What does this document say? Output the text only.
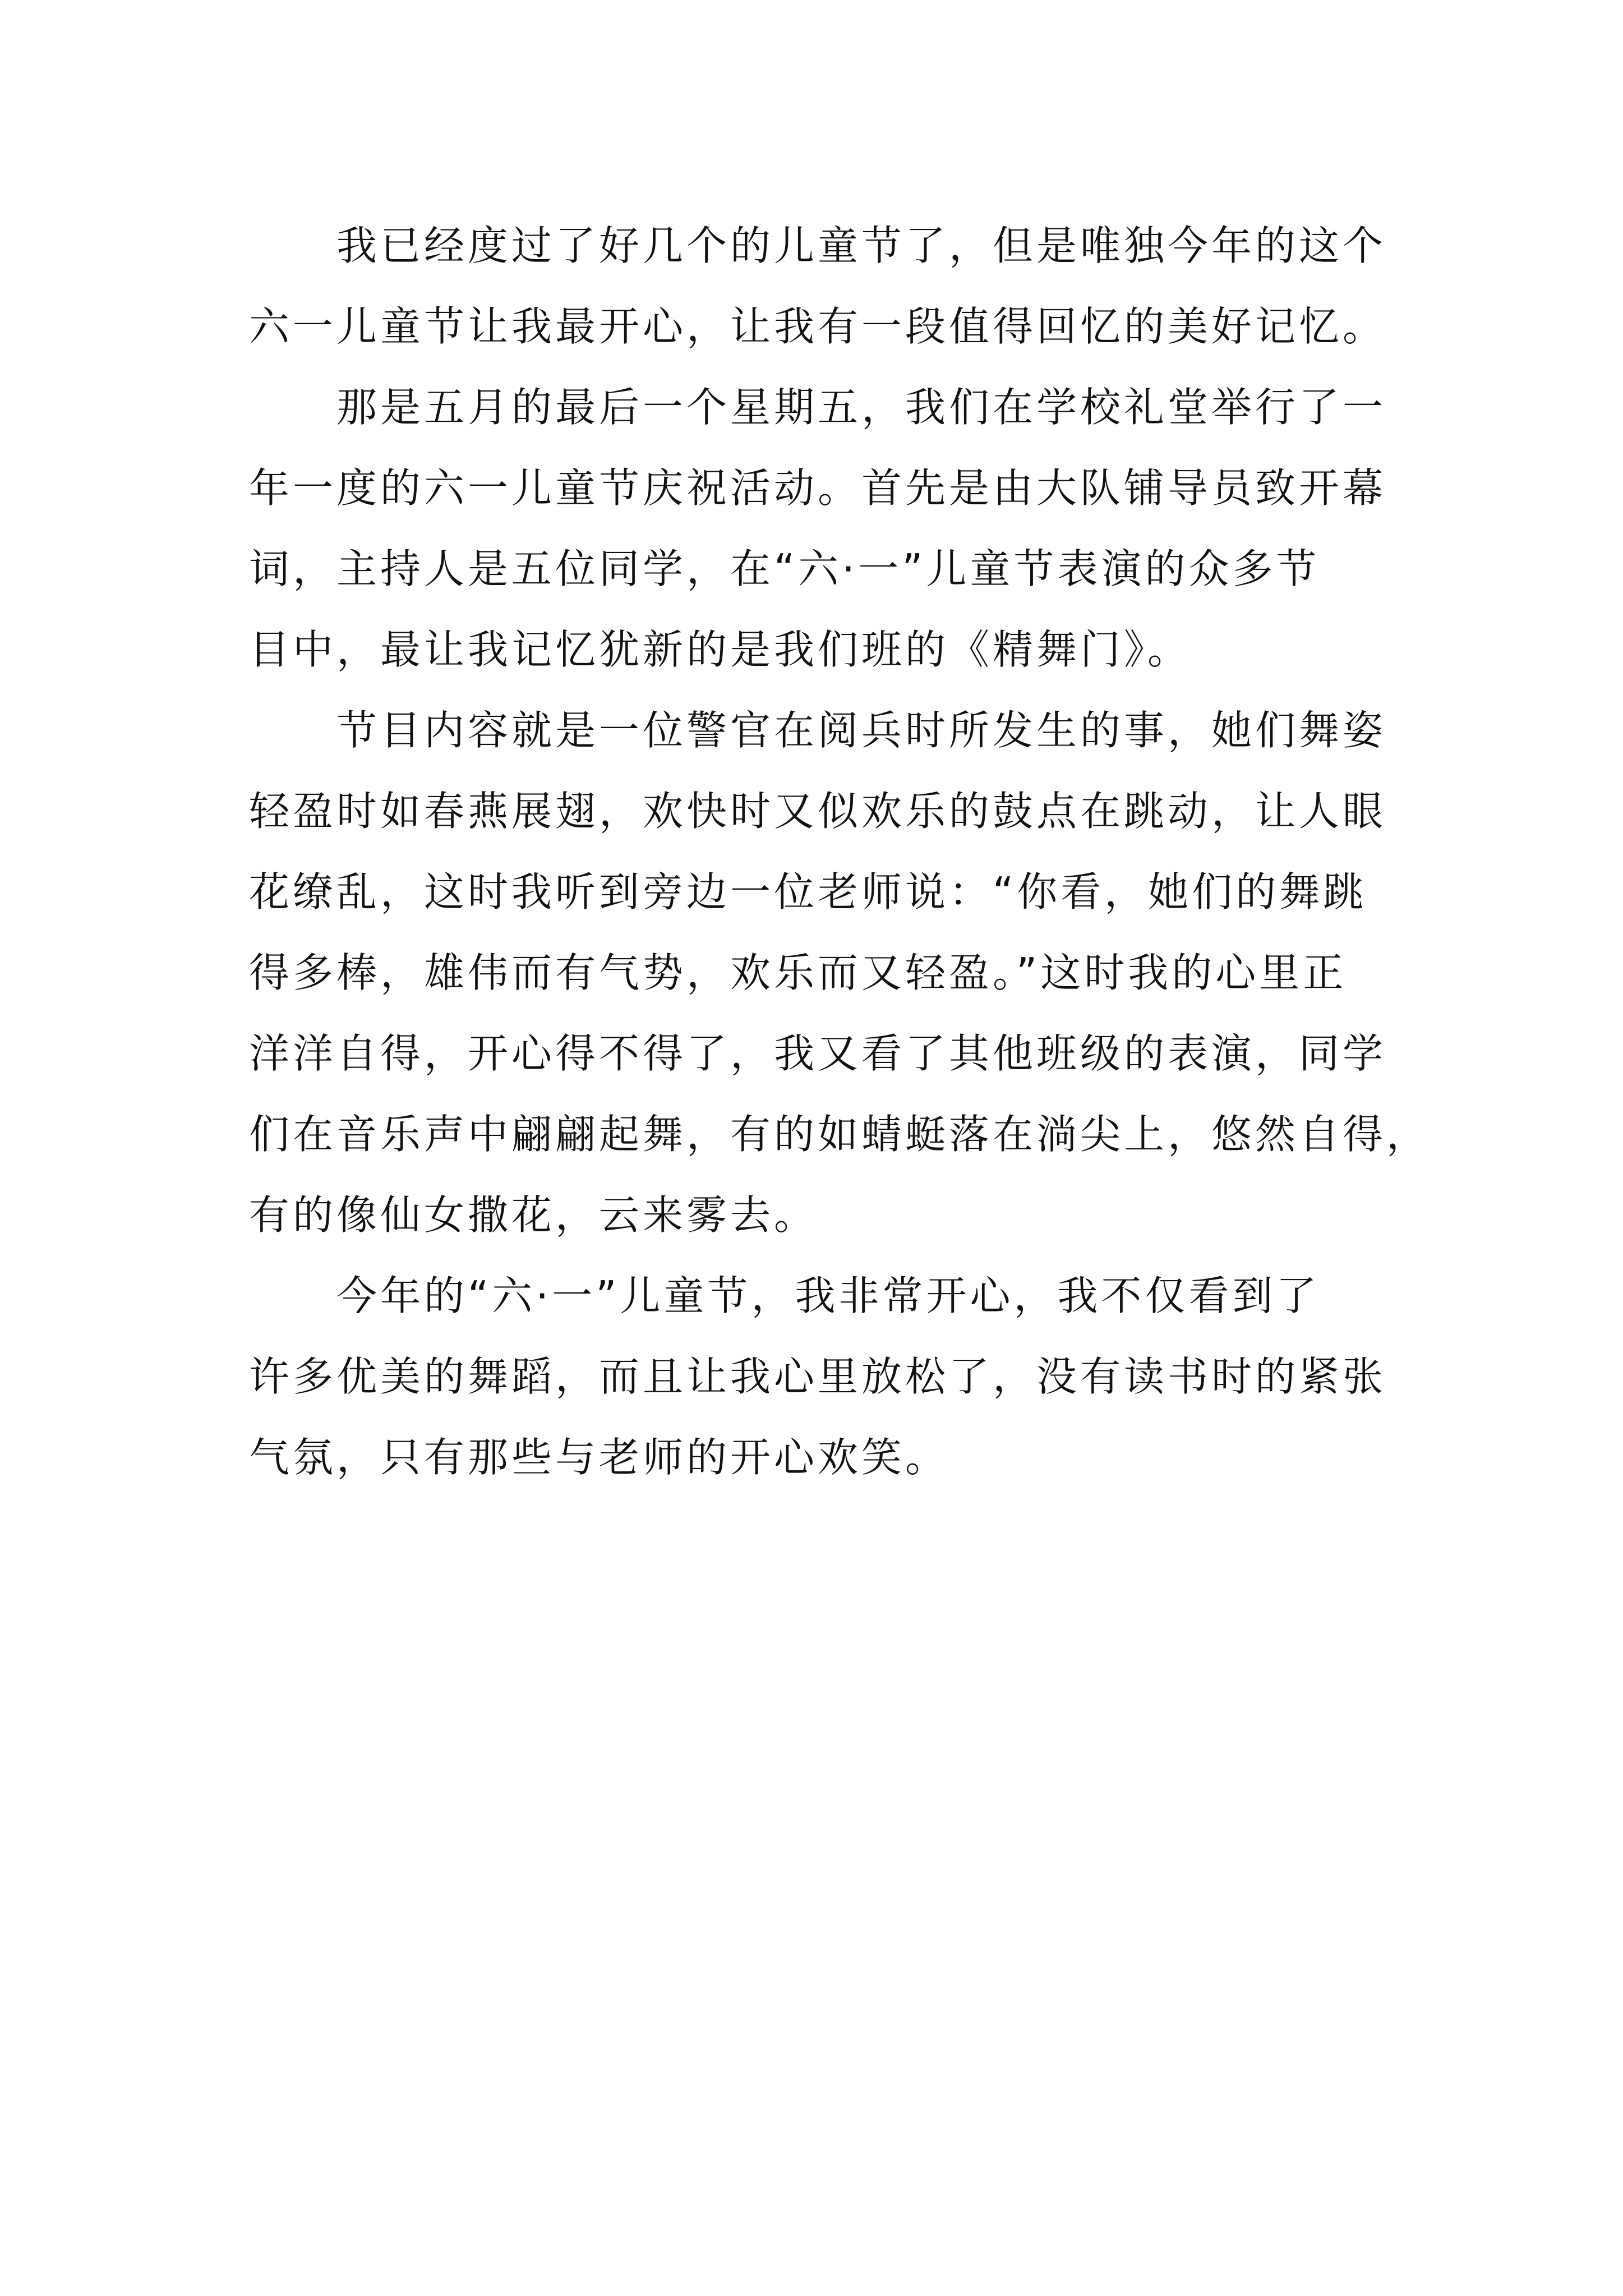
我已经度过了好几个的儿童节了，但是唯独今年的这个
六一儿童节让我最开心，让我有一段值得回忆的美好记忆。

那是五月的最后一个星期五，我们在学校礼堂举行了一
年一度的六一儿童节庆祝活动。首先是由大队铺导员致开幕
词，主持人是五位同学，在“六·一”儿童节表演的众多节
目中，最让我记忆犹新的是我们班的《精舞门》。

节目内容就是一位警官在阅兵时所发生的事，她们舞姿
轻盈时如春燕展翅，欢快时又似欢乐的鼓点在跳动，让人眼
花缭乱，这时我听到旁边一位老师说：“你看，她们的舞跳
得多棒，雄伟而有气势，欢乐而又轻盈。”这时我的心里正
洋洋自得，开心得不得了，我又看了其他班级的表演，同学
们在音乐声中翩翩起舞，有的如蜻蜓落在淌尖上，悠然自得，
有的像仙女撒花，云来雾去。

今年的“六·一”儿童节，我非常开心，我不仅看到了
许多优美的舞蹈，而且让我心里放松了，没有读书时的紧张
气氛，只有那些与老师的开心欢笑。
